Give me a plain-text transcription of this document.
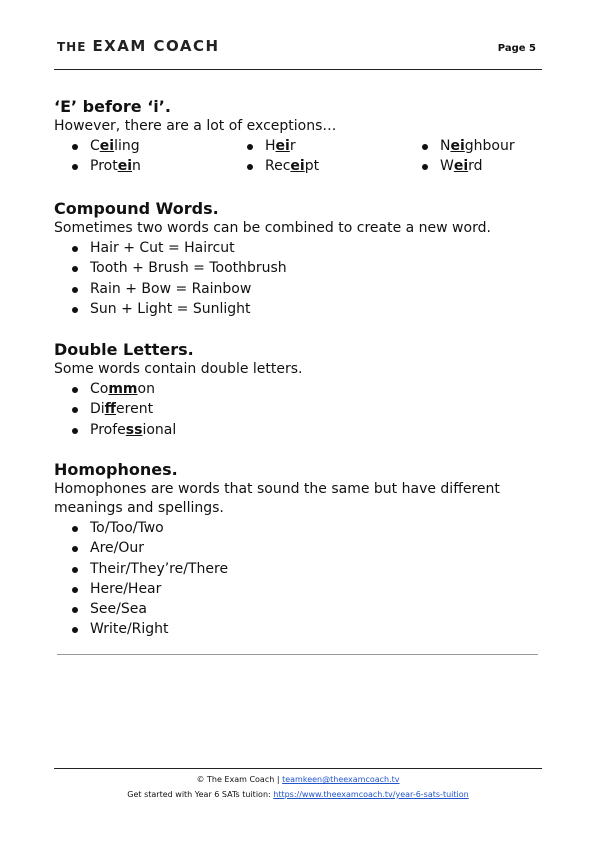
THE EXAM COACH	Page 5
‘E’ before ‘i’.

However, there are a lot of exceptions…

Ceiling
Protein
Heir
Receipt
Neighbour
Weird
Compound Words.

Sometimes two words can be combined to create a new word.

Hair + Cut = Haircut
Tooth + Brush = Toothbrush
Rain + Bow = Rainbow
Sun + Light = Sunlight
Double Letters.

Some words contain double letters.

Common
Different
Professional
Homophones.

Homophones are words that sound the same but have different meanings and spellings.

To/Too/Two
Are/Our
Their/They’re/There
Here/Hear
See/Sea
Write/Right
© The Exam Coach | teamkeen@theexamcoach.tv
Get started with Year 6 SATs tuition: https://www.theexamcoach.tv/year-6-sats-tuition
